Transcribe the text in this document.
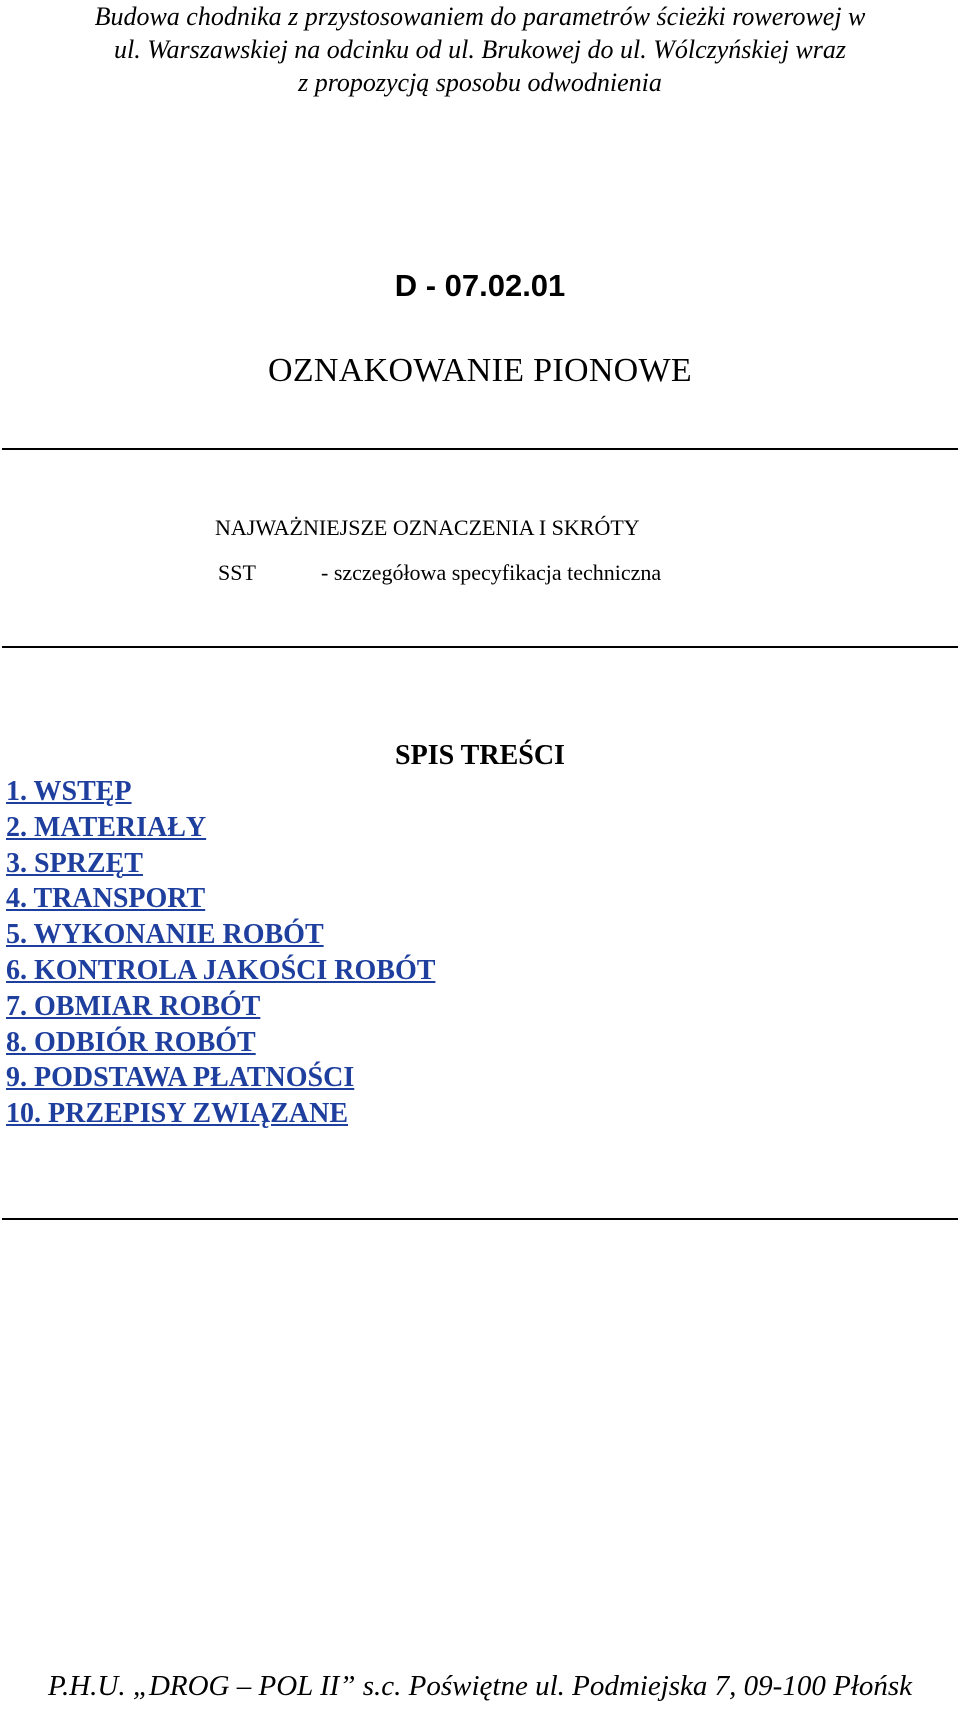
Budowa chodnika z przystosowaniem do parametrów ścieżki rowerowej w
ul. Warszawskiej na odcinku od ul. Brukowej do ul. Wólczyńskiej wraz
z propozycją sposobu odwodnienia
D - 07.02.01
OZNAKOWANIE PIONOWE
NAJWAŻNIEJSZE OZNACZENIA I SKRÓTY
SST	- szczegółowa specyfikacja techniczna
SPIS TREŚCI
1. WSTĘP
2. MATERIAŁY
3. SPRZĘT
4. TRANSPORT
5. WYKONANIE ROBÓT
6. KONTROLA JAKOŚCI ROBÓT
7. OBMIAR ROBÓT
8. ODBIÓR ROBÓT
9. PODSTAWA PŁATNOŚCI
10. PRZEPISY ZWIĄZANE
P.H.U. „DROG – POL II” s.c. Poświętne ul. Podmiejska 7, 09-100 Płońsk
